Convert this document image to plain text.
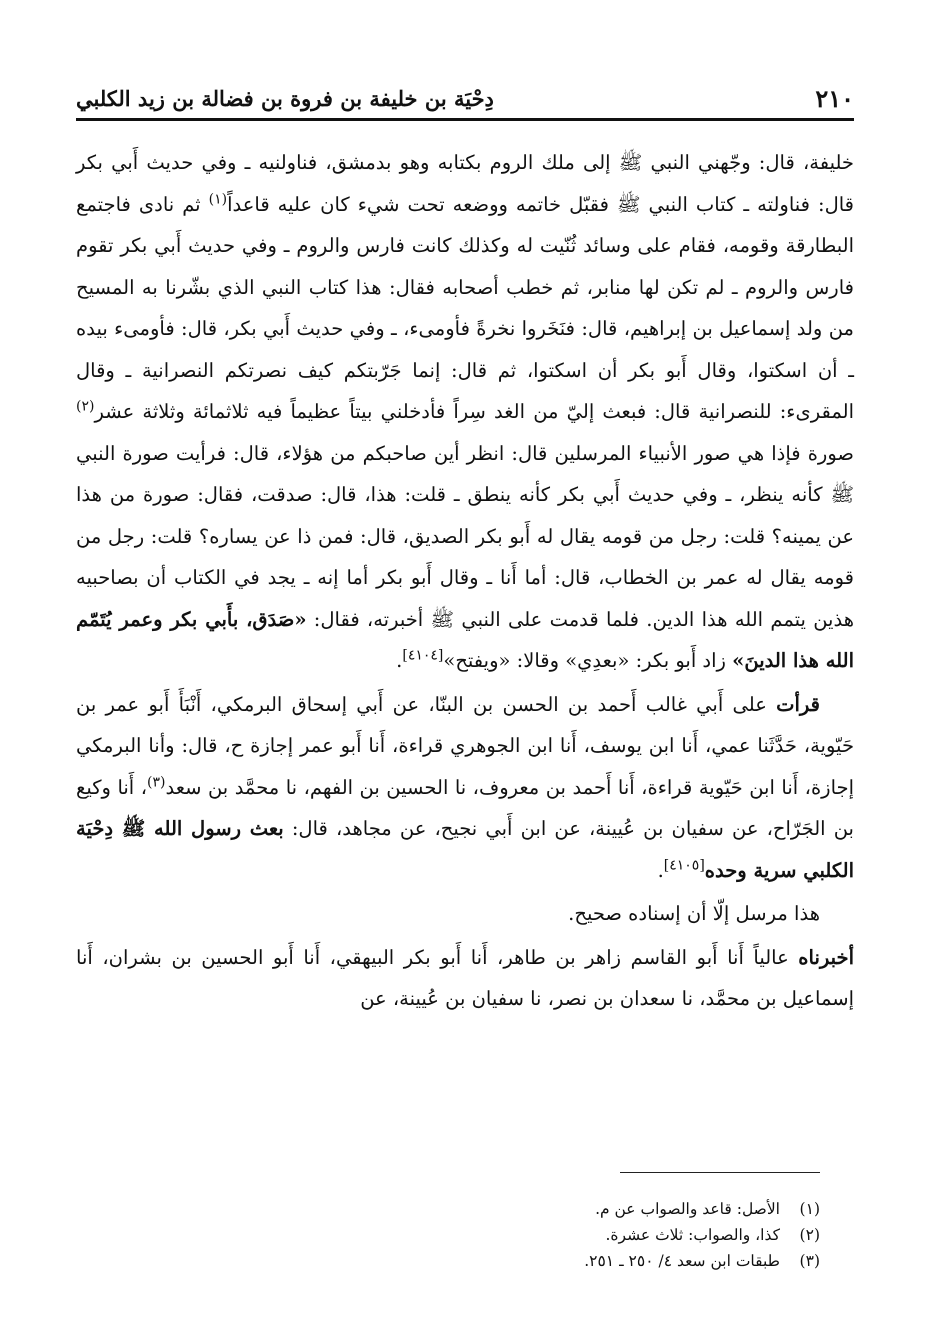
٢١٠
دِحْيَة بن خليفة بن فروة بن فضالة بن زيد الكلبي

خليفة، قال: وجّهني النبي ﷺ إلى ملك الروم بكتابه وهو بدمشق، فناولنيه ـ وفي حديث أَبي بكر قال: فناولته ـ كتاب النبي ﷺ فقبّل خاتمه ووضعه تحت شيء كان عليه قاعداً$^{(١)}$ ثم نادى فاجتمع البطارقة وقومه، فقام على وسائد ثُنّيت له وكذلك كانت فارس والروم ـ وفي حديث أَبي بكر تقوم فارس والروم ـ لم تكن لها منابر، ثم خطب أصحابه فقال: هذا كتاب النبي الذي بشّرنا به المسيح من ولد إسماعيل بن إبراهيم، قال: فنَخَروا نخرةً فأومىء، ـ وفي حديث أَبي بكر، قال: فأومىء بيده ـ أن اسكتوا، وقال أَبو بكر أن اسكتوا، ثم قال: إنما جَرّبتكم كيف نصرتكم النصرانية ـ وقال المقرىء: للنصرانية قال: فبعث إليّ من الغد سِراً فأدخلني بيتاً عظيماً فيه ثلاثمائة وثلاثة عشر$^{(٢)}$ صورة فإذا هي صور الأنبياء المرسلين قال: انظر أين صاحبكم من هؤلاء، قال: فرأيت صورة النبي ﷺ كأنه ينظر، ـ وفي حديث أَبي بكر كأنه ينطق ـ قلت: هذا، قال: صدقت، فقال: صورة من هذا عن يمينه؟ قلت: رجل من قومه يقال له أَبو بكر الصديق، قال: فمن ذا عن يساره؟ قلت: رجل من قومه يقال له عمر بن الخطاب، قال: أما أَنا ـ وقال أَبو بكر أما إنه ـ يجد في الكتاب أن بصاحبيه هذين يتمم الله هذا الدين. فلما قدمت على النبي ﷺ أخبرته، فقال: «صَدَق، بأَبي بكر وعمر يُتَمّم الله هذا الدينَ» زاد أَبو بكر: «بعدِي» وقالا: «ويفتح»[٤١٠٤].

قرأت على أَبي غالب أَحمد بن الحسن بن البنّا، عن أَبي إسحاق البرمكي، أَنْبَأَ أَبو عمر بن حَيّوية، حَدَّثَنا عمي، أَنا ابن يوسف، أَنا ابن الجوهري قراءة، أَنا أَبو عمر إجازة ح، قال: وأنا البرمكي إجازة، أَنا ابن حَيّوية قراءة، أَنا أَحمد بن معروف، نا الحسين بن الفهم، نا محمَّد بن سعد$^{(٣)}$، أَنا وكيع بن الجَرّاح، عن سفيان بن عُيينة، عن ابن أَبي نجيح، عن مجاهد، قال: بعث رسول الله ﷺ دِحْيَة الكلبي سرية وحده[٤١٠٥].

هذا مرسل إلّا أن إسناده صحيح.

أخبرناه عالياً أَنا أَبو القاسم زاهر بن طاهر، أَنا أَبو بكر البيهقي، أَنا أَبو الحسين بن بشران، أَنا إسماعيل بن محمَّد، نا سعدان بن نصر، نا سفيان بن عُيينة، عن

(١)
الأصل: قاعد والصواب عن م.
(٢)
كذا، والصواب: ثلاث عشرة.
(٣)
طبقات ابن سعد ٤/ ٢٥٠ ـ ٢٥١.
